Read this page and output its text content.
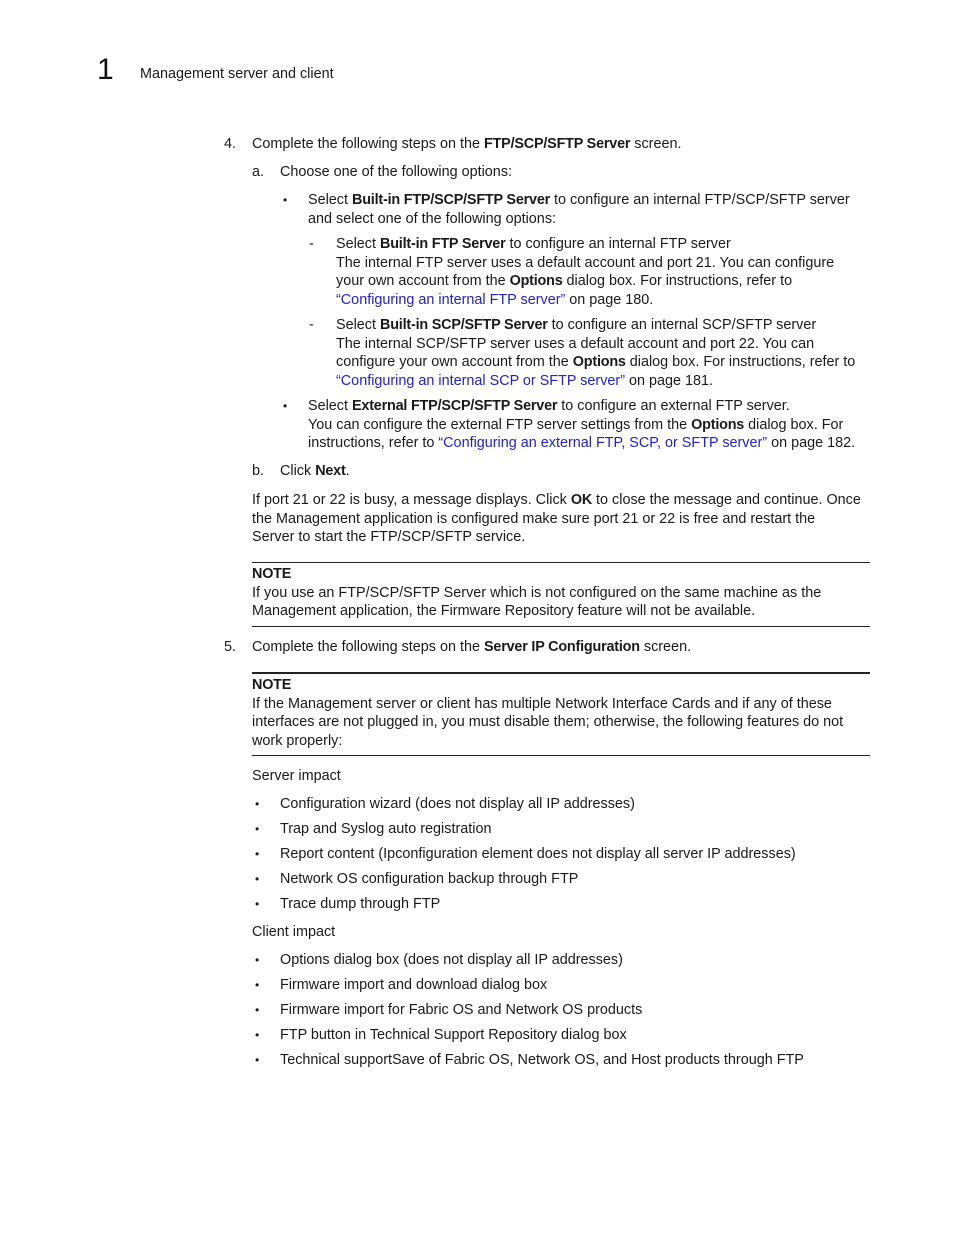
1 Management server and client
4. Complete the following steps on the FTP/SCP/SFTP Server screen.
a. Choose one of the following options:
• Select Built-in FTP/SCP/SFTP Server to configure an internal FTP/SCP/SFTP server

and select one of the following options:

- Select Built-in FTP Server to configure an internal FTP server

The internal FTP server uses a default account and port 21. You can configure

your own account from the Options dialog box. For instructions, refer to

“Configuring an internal FTP server” on page 180.

- Select Built-in SCP/SFTP Server to configure an internal SCP/SFTP server

The internal SCP/SFTP server uses a default account and port 22. You can

configure your own account from the Options dialog box. For instructions, refer to

“Configuring an internal SCP or SFTP server” on page 181.

• Select External FTP/SCP/SFTP Server to configure an external FTP server.

You can configure the external FTP server settings from the Options dialog box. For

instructions, refer to “Configuring an external FTP, SCP, or SFTP server” on page 182.

b. Click Next.

If port 21 or 22 is busy, a message displays. Click OK to close the message and continue. Once

the Management application is configured make sure port 21 or 22 is free and restart the

Server to start the FTP/SCP/SFTP service.

NOTE

If you use an FTP/SCP/SFTP Server which is not configured on the same machine as the

Management application, the Firmware Repository feature will not be available.

5. Complete the following steps on the Server IP Configuration screen.

NOTE

If the Management server or client has multiple Network Interface Cards and if any of these

interfaces are not plugged in, you must disable them; otherwise, the following features do not

work properly:

Server impact
• Configuration wizard (does not display all IP addresses)
• Trap and Syslog auto registration
• Report content (Ipconfiguration element does not display all server IP addresses)
• Network OS configuration backup through FTP
• Trace dump through FTP
Client impact
• Options dialog box (does not display all IP addresses)
• Firmware import and download dialog box
• Firmware import for Fabric OS and Network OS products
• FTP button in Technical Support Repository dialog box
• Technical supportSave of Fabric OS, Network OS, and Host products through FTP
